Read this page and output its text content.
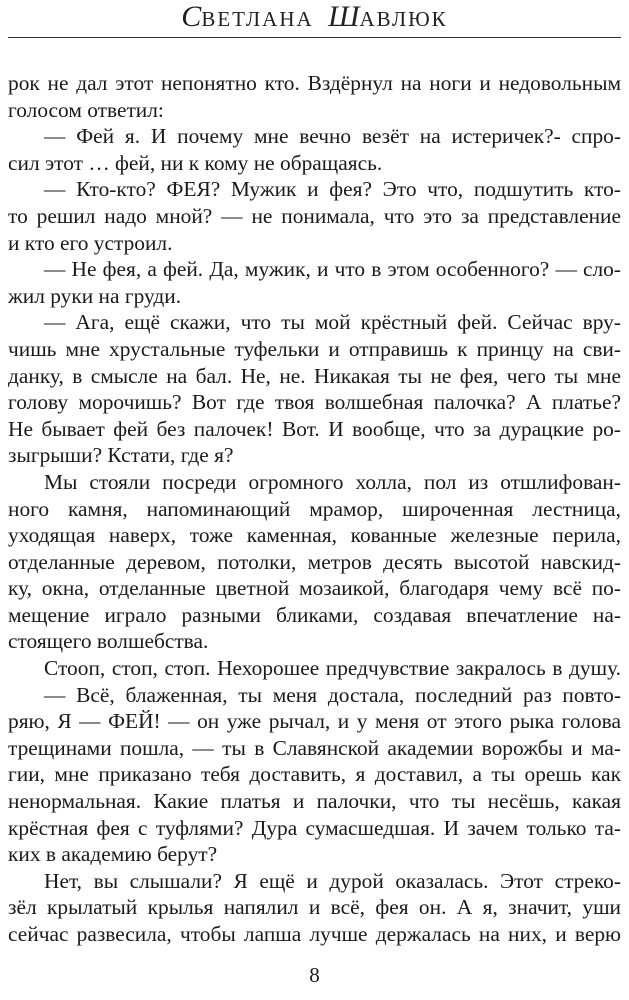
СВЕТЛАНА ШАВЛЮК
рок не дал этот непонятно кто. Вздёрнул на ноги и недовольным
голосом ответил:
— Фей я. И почему мне вечно везёт на истеричек?- спро-
сил этот … фей, ни к кому не обращаясь.
— Кто-кто? ФЕЯ? Мужик и фея? Это что, подшутить кто-
то решил надо мной? — не понимала, что это за представление
и кто его устроил.
— Не фея, а фей. Да, мужик, и что в этом особенного? — сло-
жил руки на груди.
— Ага, ещё скажи, что ты мой крёстный фей. Сейчас вру-
чишь мне хрустальные туфельки и отправишь к принцу на сви-
данку, в смысле на бал. Не, не. Никакая ты не фея, чего ты мне
голову морочишь? Вот где твоя волшебная палочка? А платье?
Не бывает фей без палочек! Вот. И вообще, что за дурацкие ро-
зыгрыши? Кстати, где я?
Мы стояли посреди огромного холла, пол из отшлифован-
ного камня, напоминающий мрамор, широченная лестница,
уходящая наверх, тоже каменная, кованные железные перила,
отделанные деревом, потолки, метров десять высотой навскид-
ку, окна, отделанные цветной мозаикой, благодаря чему всё по-
мещение играло разными бликами, создавая впечатление на-
стоящего волшебства.
Стооп, стоп, стоп. Нехорошее предчувствие закралось в душу.
— Всё, блаженная, ты меня достала, последний раз повто-
ряю, Я — ФЕЙ! — он уже рычал, и у меня от этого рыка голова
трещинами пошла, — ты в Славянской академии ворожбы и ма-
гии, мне приказано тебя доставить, я доставил, а ты орешь как
ненормальная. Какие платья и палочки, что ты несёшь, какая
крёстная фея с туфлями? Дура сумасшедшая. И зачем только та-
ких в академию берут?
Нет, вы слышали? Я ещё и дурой оказалась. Этот стреко-
зёл крылатый крылья напялил и всё, фея он. А я, значит, уши
сейчас развесила, чтобы лапша лучше держалась на них, и верю
8
